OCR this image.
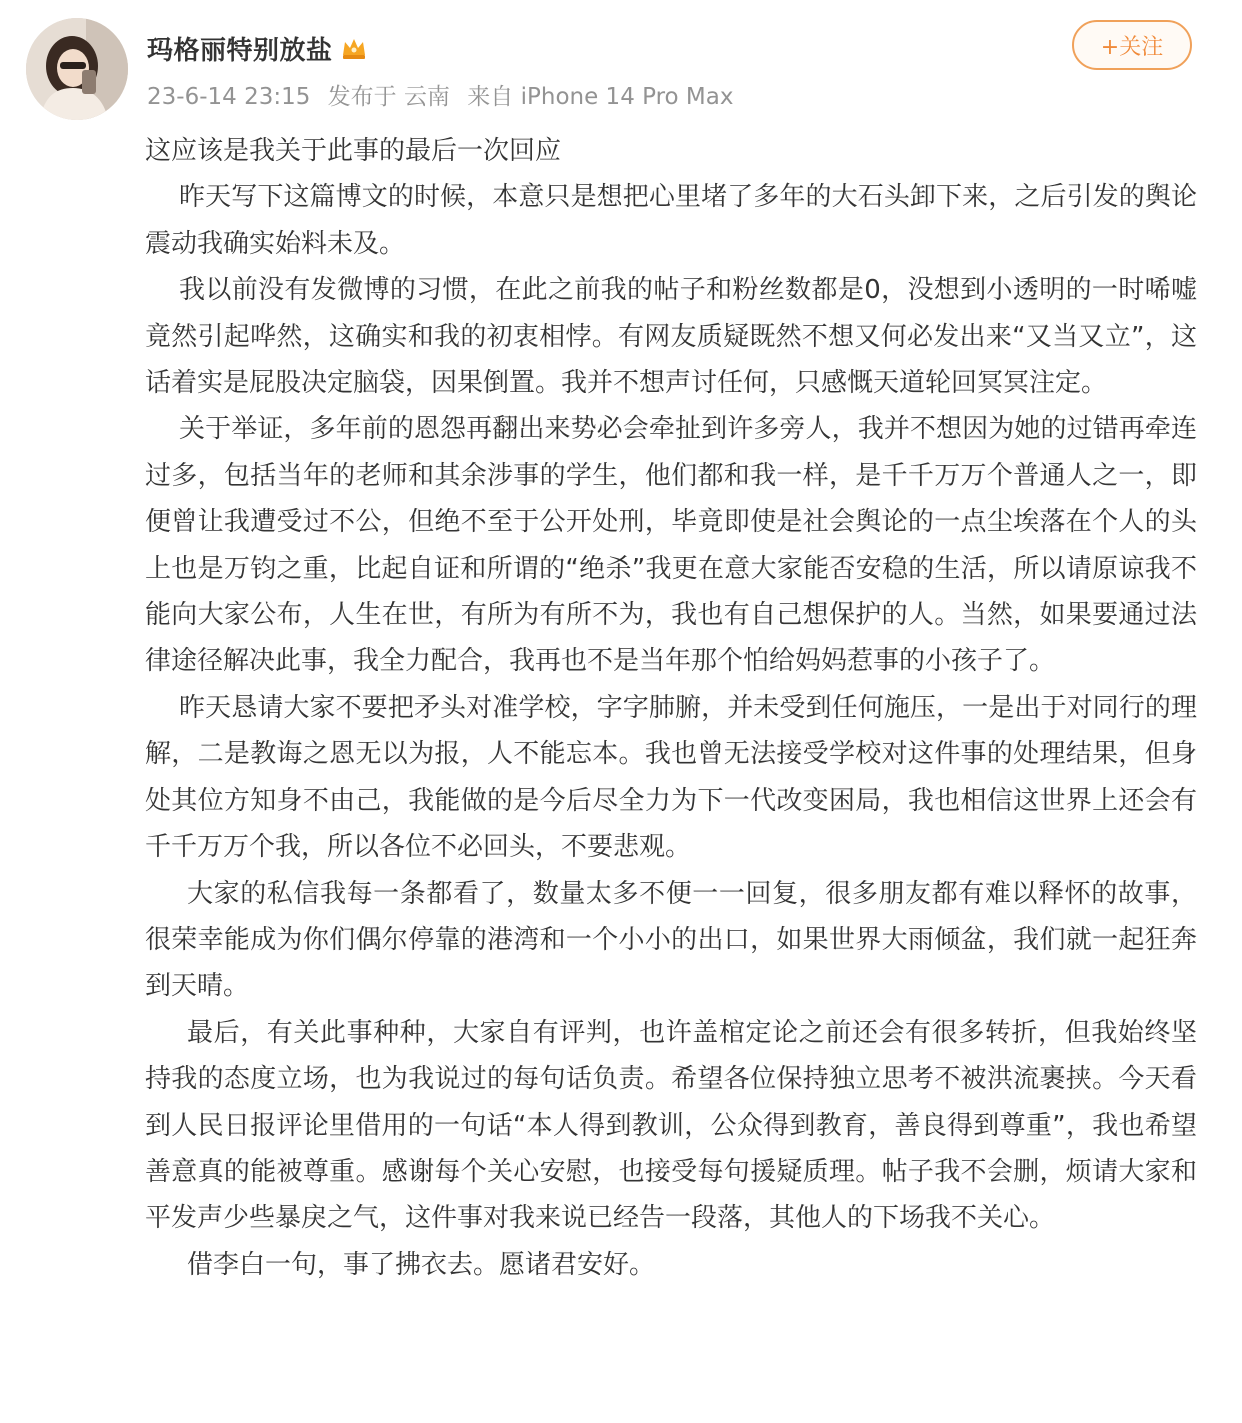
玛格丽特别放盐
23-6-14 23:15 发布于 云南 来自 iPhone 14 Pro Max
+关注

这应该是我关于此事的最后一次回应

昨天写下这篇博文的时候，本意只是想把心里堵了多年的大石头卸下来，之后引发的舆论震动我确实始料未及。

我以前没有发微博的习惯，在此之前我的帖子和粉丝数都是0，没想到小透明的一时唏嘘竟然引起哗然，这确实和我的初衷相悖。有网友质疑既然不想又何必发出来“又当又立”，这话着实是屁股决定脑袋，因果倒置。我并不想声讨任何，只感慨天道轮回冥冥注定。

关于举证，多年前的恩怨再翻出来势必会牵扯到许多旁人，我并不想因为她的过错再牵连过多，包括当年的老师和其余涉事的学生，他们都和我一样，是千千万万个普通人之一，即便曾让我遭受过不公，但绝不至于公开处刑，毕竟即使是社会舆论的一点尘埃落在个人的头上也是万钧之重，比起自证和所谓的“绝杀”我更在意大家能否安稳的生活，所以请原谅我不能向大家公布，人生在世，有所为有所不为，我也有自己想保护的人。当然，如果要通过法律途径解决此事，我全力配合，我再也不是当年那个怕给妈妈惹事的小孩子了。

昨天恳请大家不要把矛头对准学校，字字肺腑，并未受到任何施压，一是出于对同行的理解，二是教诲之恩无以为报，人不能忘本。我也曾无法接受学校对这件事的处理结果，但身处其位方知身不由己，我能做的是今后尽全力为下一代改变困局，我也相信这世界上还会有千千万万个我，所以各位不必回头，不要悲观。

大家的私信我每一条都看了，数量太多不便一一回复，很多朋友都有难以释怀的故事，很荣幸能成为你们偶尔停靠的港湾和一个小小的出口，如果世界大雨倾盆，我们就一起狂奔到天晴。

最后，有关此事种种，大家自有评判，也许盖棺定论之前还会有很多转折，但我始终坚持我的态度立场，也为我说过的每句话负责。希望各位保持独立思考不被洪流裹挟。今天看到人民日报评论里借用的一句话“本人得到教训，公众得到教育，善良得到尊重”，我也希望善意真的能被尊重。感谢每个关心安慰，也接受每句援疑质理。帖子我不会删，烦请大家和平发声少些暴戾之气，这件事对我来说已经告一段落，其他人的下场我不关心。

借李白一句，事了拂衣去。愿诸君安好。
